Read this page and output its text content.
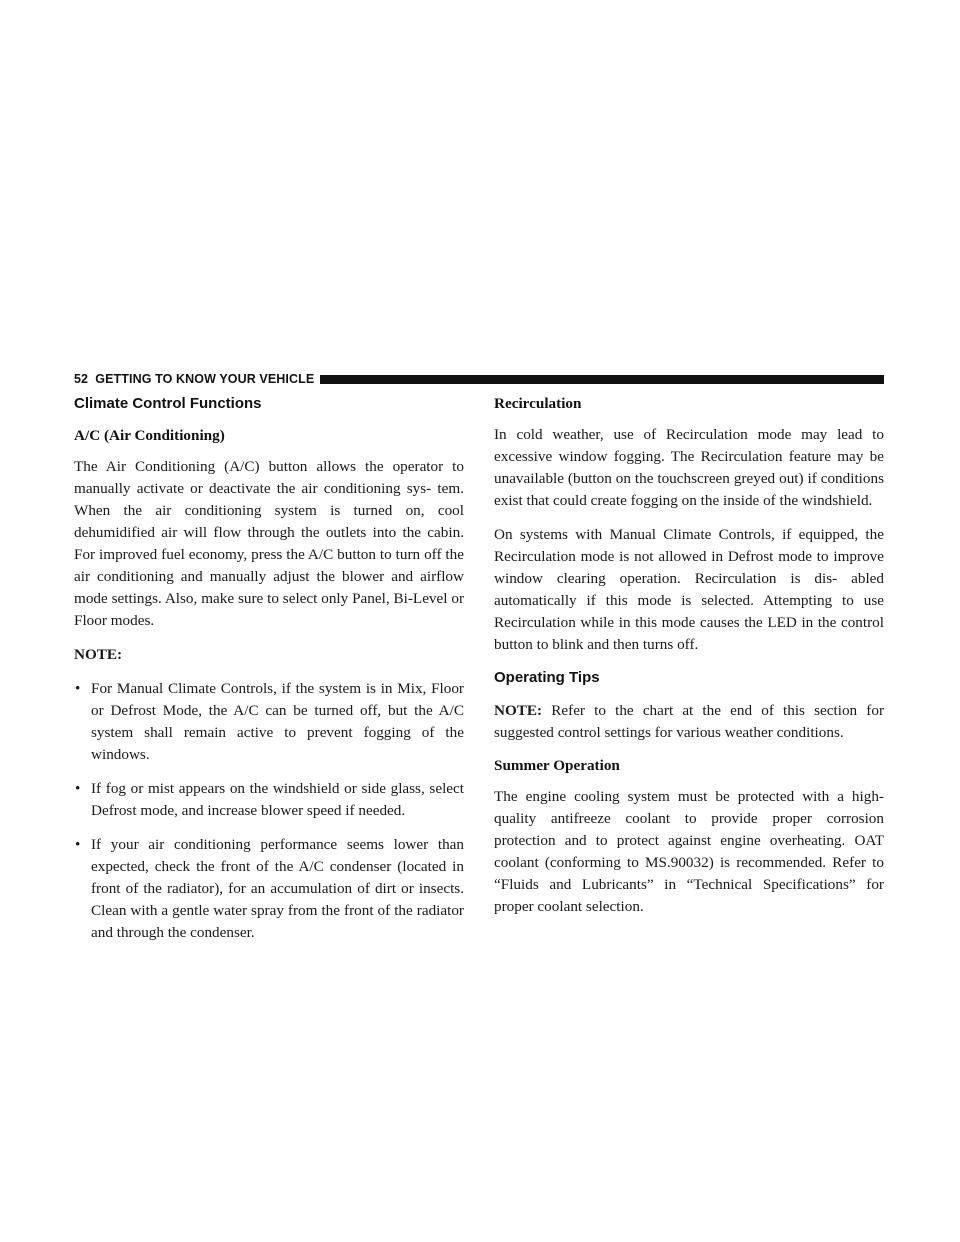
52 GETTING TO KNOW YOUR VEHICLE
Climate Control Functions
A/C (Air Conditioning)

The Air Conditioning (A/C) button allows the operator to manually activate or deactivate the air conditioning sys- tem. When the air conditioning system is turned on, cool dehumidified air will flow through the outlets into the cabin. For improved fuel economy, press the A/C button to turn off the air conditioning and manually adjust the blower and airflow mode settings. Also, make sure to select only Panel, Bi-Level or Floor modes.

NOTE:

• For Manual Climate Controls, if the system is in Mix, Floor or Defrost Mode, the A/C can be turned off, but the A/C system shall remain active to prevent fogging of the windows.
• If fog or mist appears on the windshield or side glass, select Defrost mode, and increase blower speed if needed.
• If your air conditioning performance seems lower than expected, check the front of the A/C condenser (located in front of the radiator), for an accumulation of dirt or insects. Clean with a gentle water spray from the front of the radiator and through the condenser.
Recirculation

In cold weather, use of Recirculation mode may lead to excessive window fogging. The Recirculation feature may be unavailable (button on the touchscreen greyed out) if conditions exist that could create fogging on the inside of the windshield.

On systems with Manual Climate Controls, if equipped, the Recirculation mode is not allowed in Defrost mode to improve window clearing operation. Recirculation is dis- abled automatically if this mode is selected. Attempting to use Recirculation while in this mode causes the LED in the control button to blink and then turns off.

Operating Tips

NOTE: Refer to the chart at the end of this section for suggested control settings for various weather conditions.

Summer Operation

The engine cooling system must be protected with a high-quality antifreeze coolant to provide proper corrosion protection and to protect against engine overheating. OAT coolant (conforming to MS.90032) is recommended. Refer to “Fluids and Lubricants” in “Technical Specifications” for proper coolant selection.
